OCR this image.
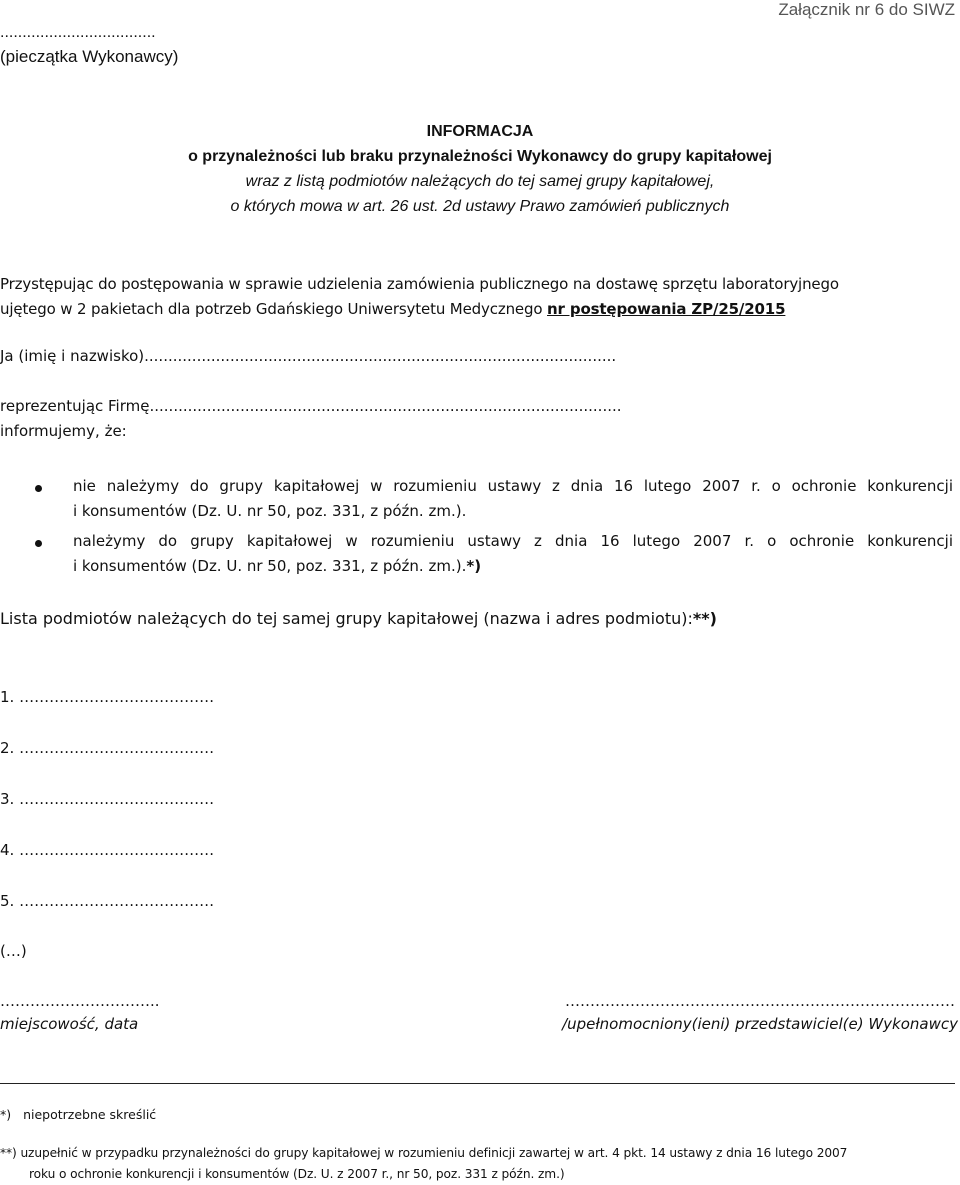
...................................
(pieczątka Wykonawcy)
Załącznik nr 6 do SIWZ
INFORMACJA
o przynależności lub braku przynależności Wykonawcy do grupy kapitałowej
wraz z listą podmiotów należących do tej samej grupy kapitałowej,
o których mowa w art. 26 ust. 2d ustawy Prawo zamówień publicznych
Przystępując do postępowania w sprawie udzielenia zamówienia publicznego na dostawę sprzętu laboratoryjnego
ujętego w 2 pakietach dla potrzeb Gdańskiego Uniwersytetu Medycznego nr postępowania ZP/25/2015
Ja (imię i nazwisko)...................................................................................................
reprezentując Firmę...................................................................................................
informujemy, że:
nie należymy do grupy kapitałowej w rozumieniu ustawy z dnia 16 lutego 2007 r. o ochronie konkurencji
i konsumentów (Dz. U. nr 50, poz. 331, z późn. zm.).
należymy do grupy kapitałowej w rozumieniu ustawy z dnia 16 lutego 2007 r. o ochronie konkurencji
i konsumentów (Dz. U. nr 50, poz. 331, z późn. zm.).*)
Lista podmiotów należących do tej samej grupy kapitałowej (nazwa i adres podmiotu):**)
1. …………………………………
2. …………………………………
3. …………………………………
4. …………………………………
5. …………………………………
(…)
…………………………..
miejscowość, data
……………………………………………………………………
/upełnomocniony(ieni) przedstawiciel(e) Wykonawcy
*) niepotrzebne skreślić
**) uzupełnić w przypadku przynależności do grupy kapitałowej w rozumieniu definicji zawartej w art. 4 pkt. 14 ustawy z dnia 16 lutego 2007
roku o ochronie konkurencji i konsumentów (Dz. U. z 2007 r., nr 50, poz. 331 z późn. zm.)
